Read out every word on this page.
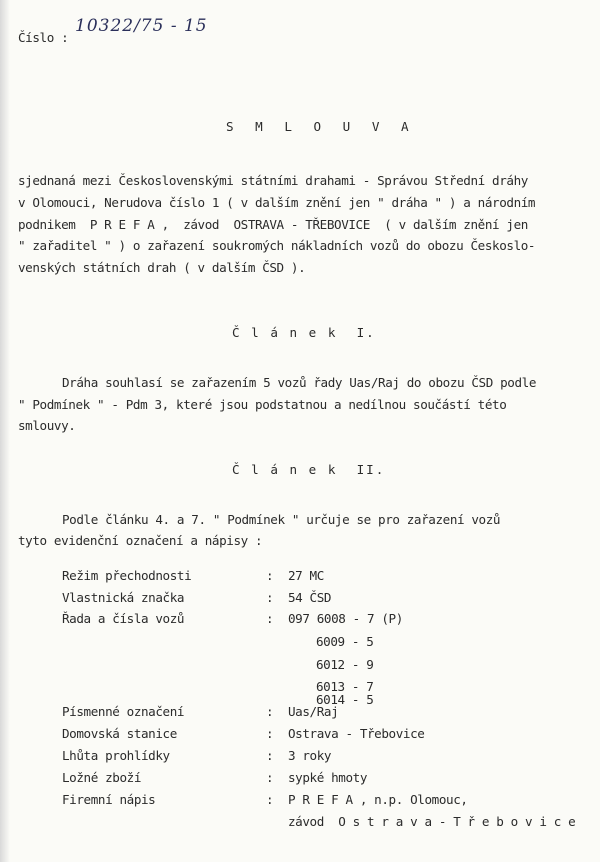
Číslo :
10322/75 - 15
S M L O U V A
sjednaná mezi Československými státními drahami - Správou Střední dráhy
v Olomouci, Nerudova číslo 1 ( v dalším znění jen " dráha " ) a národním
podnikem  P R E F A ,  závod  OSTRAVA - TŘEBOVICE  ( v dalším znění jen
" zařaditel " ) o zařazení soukromých nákladních vozů do obozu Českoslo-
venských státních drah ( v dalším ČSD ).
Č l á n e k  I.
Dráha souhlasí se zařazením 5 vozů řady Uas/Raj do obozu ČSD podle
" Podmínek " - Pdm 3, které jsou podstatnou a nedílnou součástí této
smlouvy.
Č l á n e k  II.
Podle článku 4. a 7. " Podmínek " určuje se pro zařazení vozů
tyto evidenční označení a nápisy :
Režim přechodnosti	: 27 MC
Vlastnická značka	: 54 ČSD
Řada a čísla vozů	: 097 6008 - 7 (P)
6009 - 5
6012 - 9
6013 - 7
6014 - 5
Písmenné označení	: Uas/Raj
Domovská stanice	: Ostrava - Třebovice
Lhůta prohlídky	: 3 roky
Ložné zboží	: sypké hmoty
Firemní nápis	: P R E F A , n.p. Olomouc,
závod  O s t r a v a - T ř e b o v i c e
